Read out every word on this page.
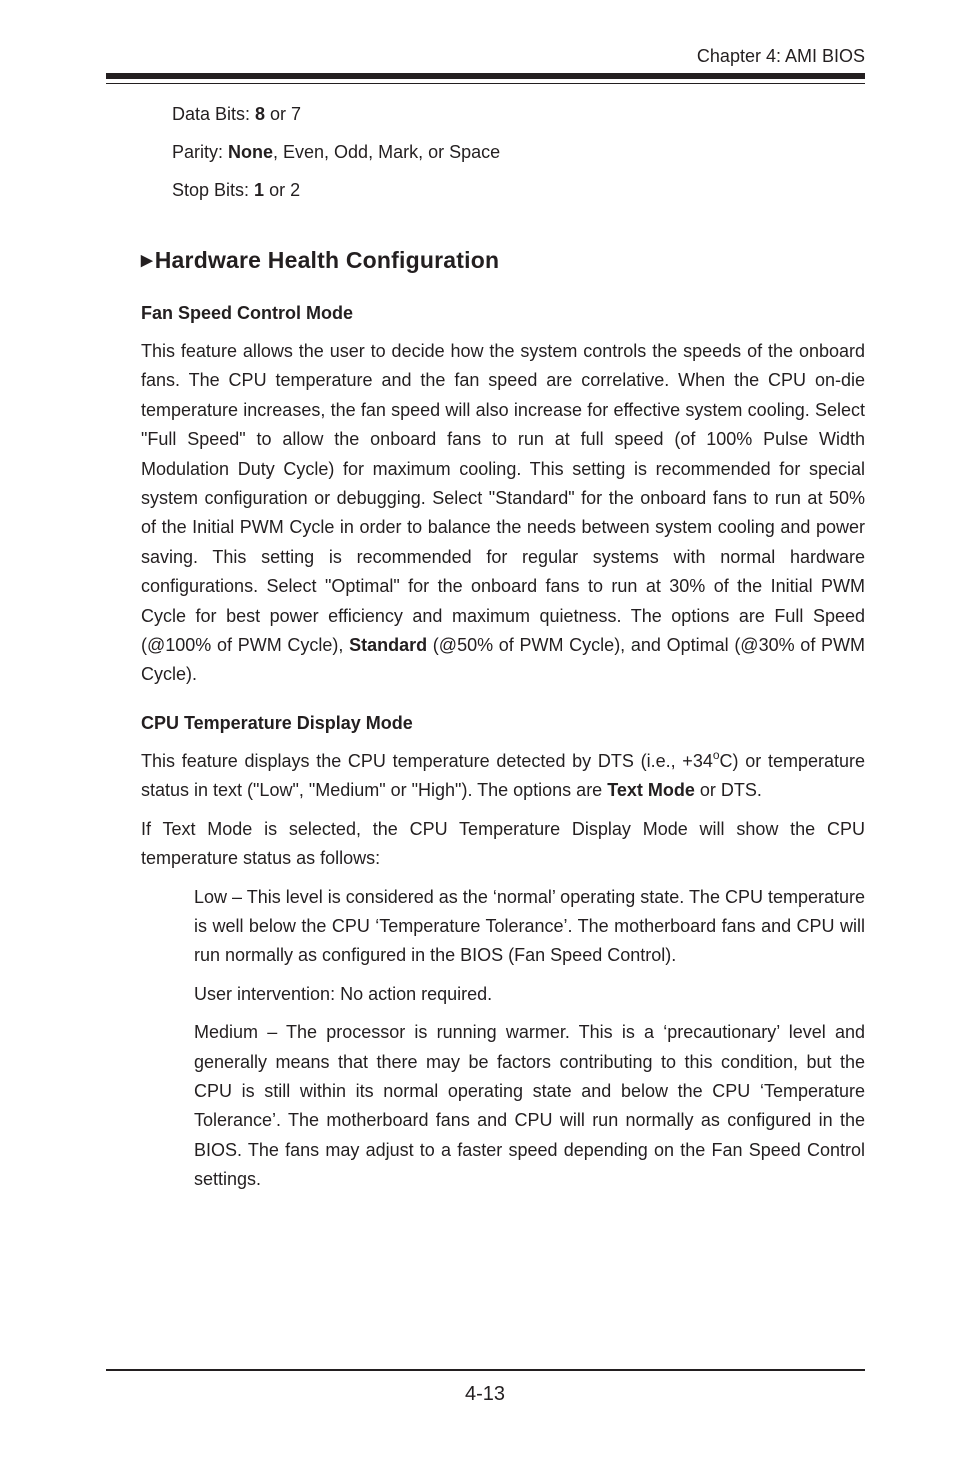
Chapter 4: AMI BIOS
Data Bits: 8 or 7
Parity: None, Even, Odd, Mark, or Space
Stop Bits: 1 or 2
▶Hardware Health Configuration
Fan Speed Control Mode

This feature allows the user to decide how the system controls the speeds of the onboard fans. The CPU temperature and the fan speed are correlative. When the CPU on-die temperature increases, the fan speed will also increase for effective system cooling. Select "Full Speed" to allow the onboard fans to run at full speed (of 100% Pulse Width Modulation Duty Cycle) for maximum cooling. This setting is recommended for special system configuration or debugging. Select "Standard" for the onboard fans to run at 50% of the Initial PWM Cycle in order to balance the needs between system cooling and power saving. This setting is recommended for regular systems with normal hardware configurations. Select "Optimal" for the onboard fans to run at 30% of the Initial PWM Cycle for best power efficiency and maximum quietness. The options are Full Speed (@100% of PWM Cycle), Standard (@50% of PWM Cycle), and Optimal (@30% of PWM Cycle).

CPU Temperature Display Mode

This feature displays the CPU temperature detected by DTS (i.e., $+34^oC$) or temperature status in text ("Low", "Medium" or "High"). The options are Text Mode or DTS.

If Text Mode is selected, the CPU Temperature Display Mode will show the CPU temperature status as follows:

Low – This level is considered as the ‘normal’ operating state. The CPU temperature is well below the CPU ‘Temperature Tolerance’. The motherboard fans and CPU will run normally as configured in the BIOS (Fan Speed Control).

User intervention: No action required.

Medium – The processor is running warmer. This is a ‘precautionary’ level and generally means that there may be factors contributing to this condition, but the CPU is still within its normal operating state and below the CPU ‘Temperature Tolerance’. The motherboard fans and CPU will run normally as configured in the BIOS. The fans may adjust to a faster speed depending on the Fan Speed Control settings.

4-13
